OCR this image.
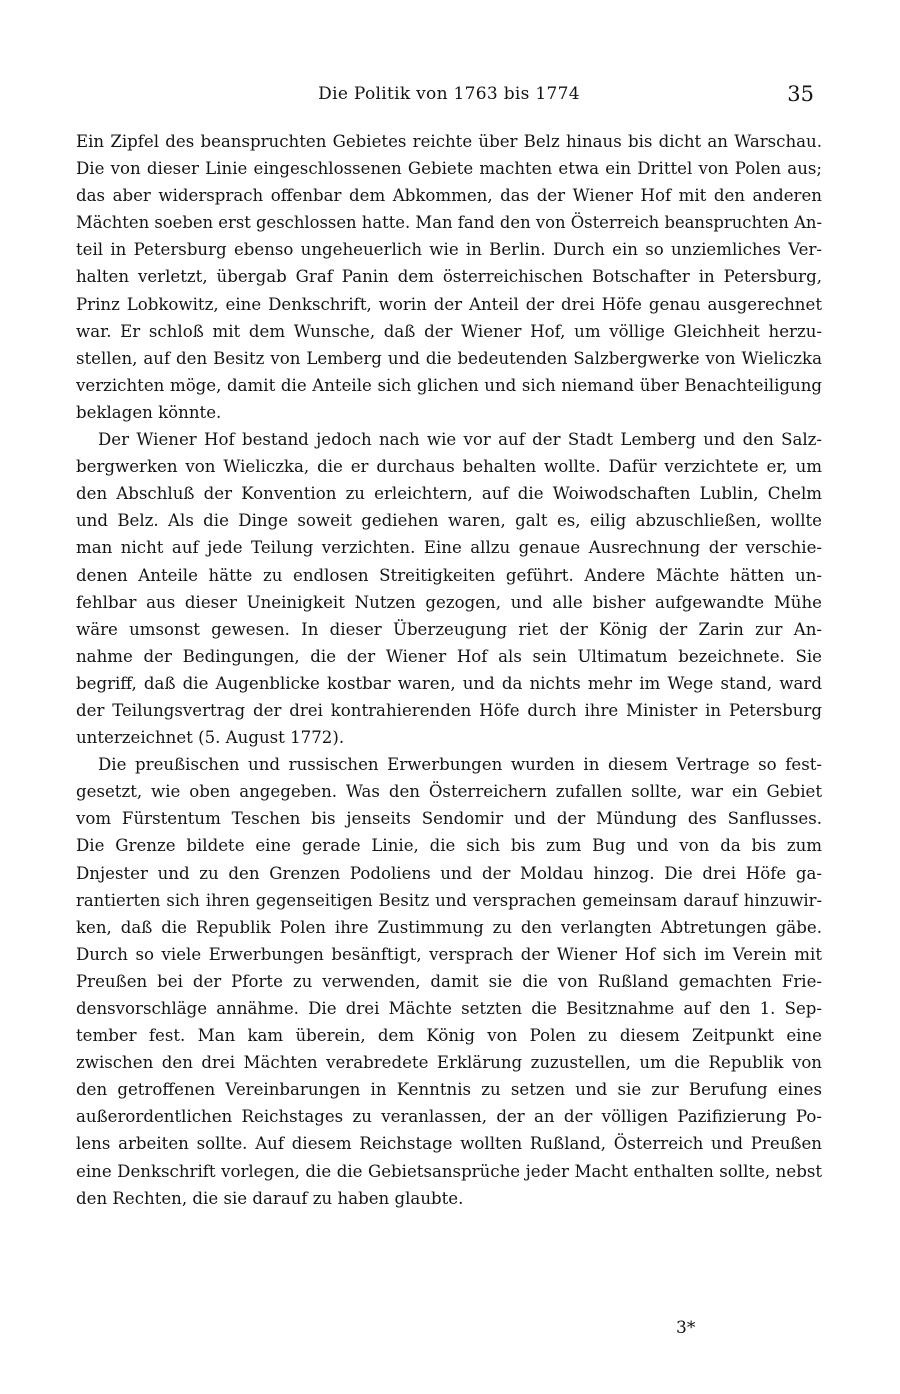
Die Politik von 1763 bis 1774	35
Ein Zipfel des beanspruchten Gebietes reichte über Belz hinaus bis dicht an Warschau.
Die von dieser Linie eingeschlossenen Gebiete machten etwa ein Drittel von Polen aus;
das aber widersprach offenbar dem Abkommen, das der Wiener Hof mit den anderen
Mächten soeben erst geschlossen hatte. Man fand den von Österreich beanspruchten An-
teil in Petersburg ebenso ungeheuerlich wie in Berlin. Durch ein so unziemliches Ver-
halten verletzt, übergab Graf Panin dem österreichischen Botschafter in Petersburg,
Prinz Lobkowitz, eine Denkschrift, worin der Anteil der drei Höfe genau ausgerechnet
war. Er schloß mit dem Wunsche, daß der Wiener Hof, um völlige Gleichheit herzu-
stellen, auf den Besitz von Lemberg und die bedeutenden Salzbergwerke von Wieliczka
verzichten möge, damit die Anteile sich glichen und sich niemand über Benachteiligung
beklagen könnte.
Der Wiener Hof bestand jedoch nach wie vor auf der Stadt Lemberg und den Salz-
bergwerken von Wieliczka, die er durchaus behalten wollte. Dafür verzichtete er, um
den Abschluß der Konvention zu erleichtern, auf die Woiwodschaften Lublin, Chelm
und Belz. Als die Dinge soweit gediehen waren, galt es, eilig abzuschließen, wollte
man nicht auf jede Teilung verzichten. Eine allzu genaue Ausrechnung der verschie-
denen Anteile hätte zu endlosen Streitigkeiten geführt. Andere Mächte hätten un-
fehlbar aus dieser Uneinigkeit Nutzen gezogen, und alle bisher aufgewandte Mühe
wäre umsonst gewesen. In dieser Überzeugung riet der König der Zarin zur An-
nahme der Bedingungen, die der Wiener Hof als sein Ultimatum bezeichnete. Sie
begriff, daß die Augenblicke kostbar waren, und da nichts mehr im Wege stand, ward
der Teilungsvertrag der drei kontrahierenden Höfe durch ihre Minister in Petersburg
unterzeichnet (5. August 1772).
Die preußischen und russischen Erwerbungen wurden in diesem Vertrage so fest-
gesetzt, wie oben angegeben. Was den Österreichern zufallen sollte, war ein Gebiet
vom Fürstentum Teschen bis jenseits Sendomir und der Mündung des Sanflusses.
Die Grenze bildete eine gerade Linie, die sich bis zum Bug und von da bis zum
Dnjester und zu den Grenzen Podoliens und der Moldau hinzog. Die drei Höfe ga-
rantierten sich ihren gegenseitigen Besitz und versprachen gemeinsam darauf hinzuwir-
ken, daß die Republik Polen ihre Zustimmung zu den verlangten Abtretungen gäbe.
Durch so viele Erwerbungen besänftigt, versprach der Wiener Hof sich im Verein mit
Preußen bei der Pforte zu verwenden, damit sie die von Rußland gemachten Frie-
densvorschläge annähme. Die drei Mächte setzten die Besitznahme auf den 1. Sep-
tember fest. Man kam überein, dem König von Polen zu diesem Zeitpunkt eine
zwischen den drei Mächten verabredete Erklärung zuzustellen, um die Republik von
den getroffenen Vereinbarungen in Kenntnis zu setzen und sie zur Berufung eines
außerordentlichen Reichstages zu veranlassen, der an der völligen Pazifizierung Po-
lens arbeiten sollte. Auf diesem Reichstage wollten Rußland, Österreich und Preußen
eine Denkschrift vorlegen, die die Gebietsansprüche jeder Macht enthalten sollte, nebst
den Rechten, die sie darauf zu haben glaubte.
3*
